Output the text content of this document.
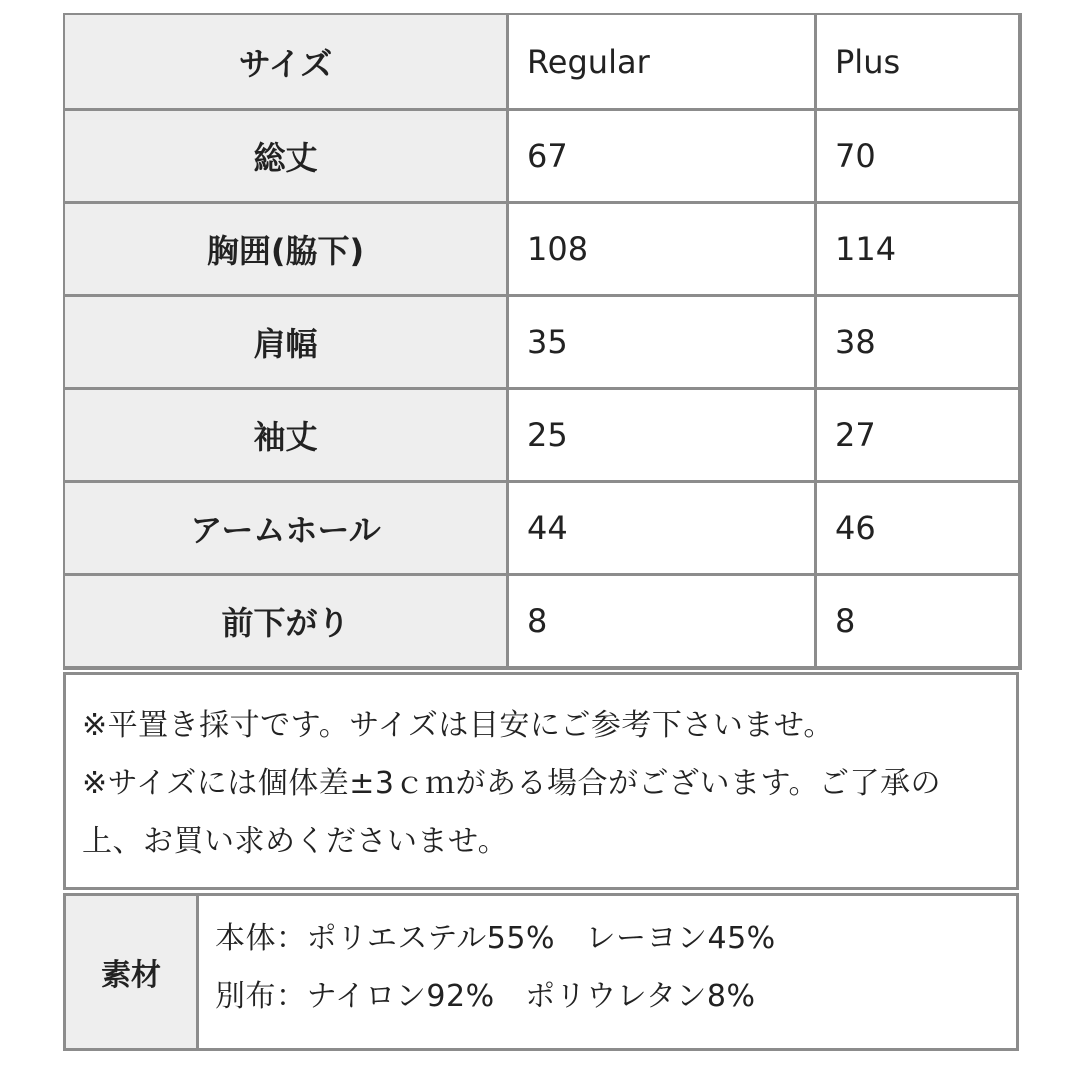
サイズ	Regular	Plus
総丈	67	70
胸囲(脇下)	108	114
肩幅	35	38
袖丈	25	27
アームホール	44	46
前下がり	8	8

※平置き採寸です。サイズは目安にご参考下さいませ。

※サイズには個体差±3ｃｍがある場合がございます。ご了承の

上、お買い求めくださいませ。

素材

本体：ポリエステル55%　レーヨン45%

別布：ナイロン92%　ポリウレタン8%
